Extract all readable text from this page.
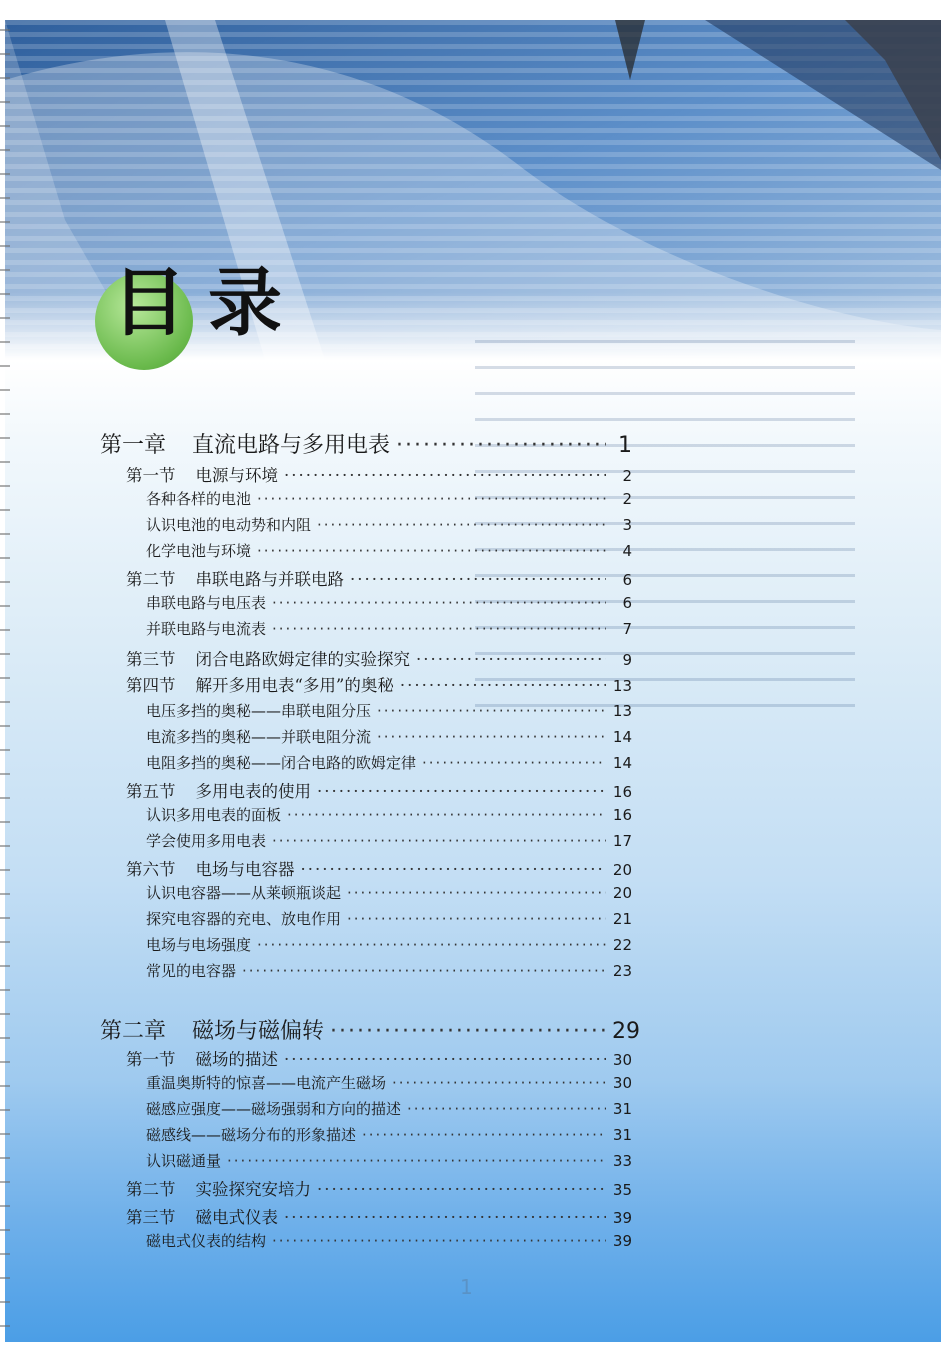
目录
第一章 直流电路与多用电表 ·····	1
第一节 电源与环境 ·····	2
各种各样的电池 ·····	2
认识电池的电动势和内阻 ·····	3
化学电池与环境 ·····	4
第二节 串联电路与并联电路 ·····	6
串联电路与电压表 ·····	6
并联电路与电流表 ·····	7
第三节 闭合电路欧姆定律的实验探究 ·····	9
第四节 解开多用电表“多用”的奥秘 ·····	13
电压多挡的奥秘——串联电阻分压 ·····	13
电流多挡的奥秘——并联电阻分流 ·····	14
电阻多挡的奥秘——闭合电路的欧姆定律 ·····	14
第五节 多用电表的使用 ·····	16
认识多用电表的面板 ·····	16
学会使用多用电表 ·····	17
第六节 电场与电容器 ·····	20
认识电容器——从莱顿瓶谈起 ·····	20
探究电容器的充电、放电作用 ·····	21
电场与电场强度 ·····	22
常见的电容器 ·····	23
第二章 磁场与磁偏转 ·····	29
第一节 磁场的描述 ·····	30
重温奥斯特的惊喜——电流产生磁场 ·····	30
磁感应强度——磁场强弱和方向的描述 ·····	31
磁感线——磁场分布的形象描述 ·····	31
认识磁通量 ·····	33
第二节 实验探究安培力 ·····	35
第三节 磁电式仪表 ·····	39
磁电式仪表的结构 ·····	39
1
